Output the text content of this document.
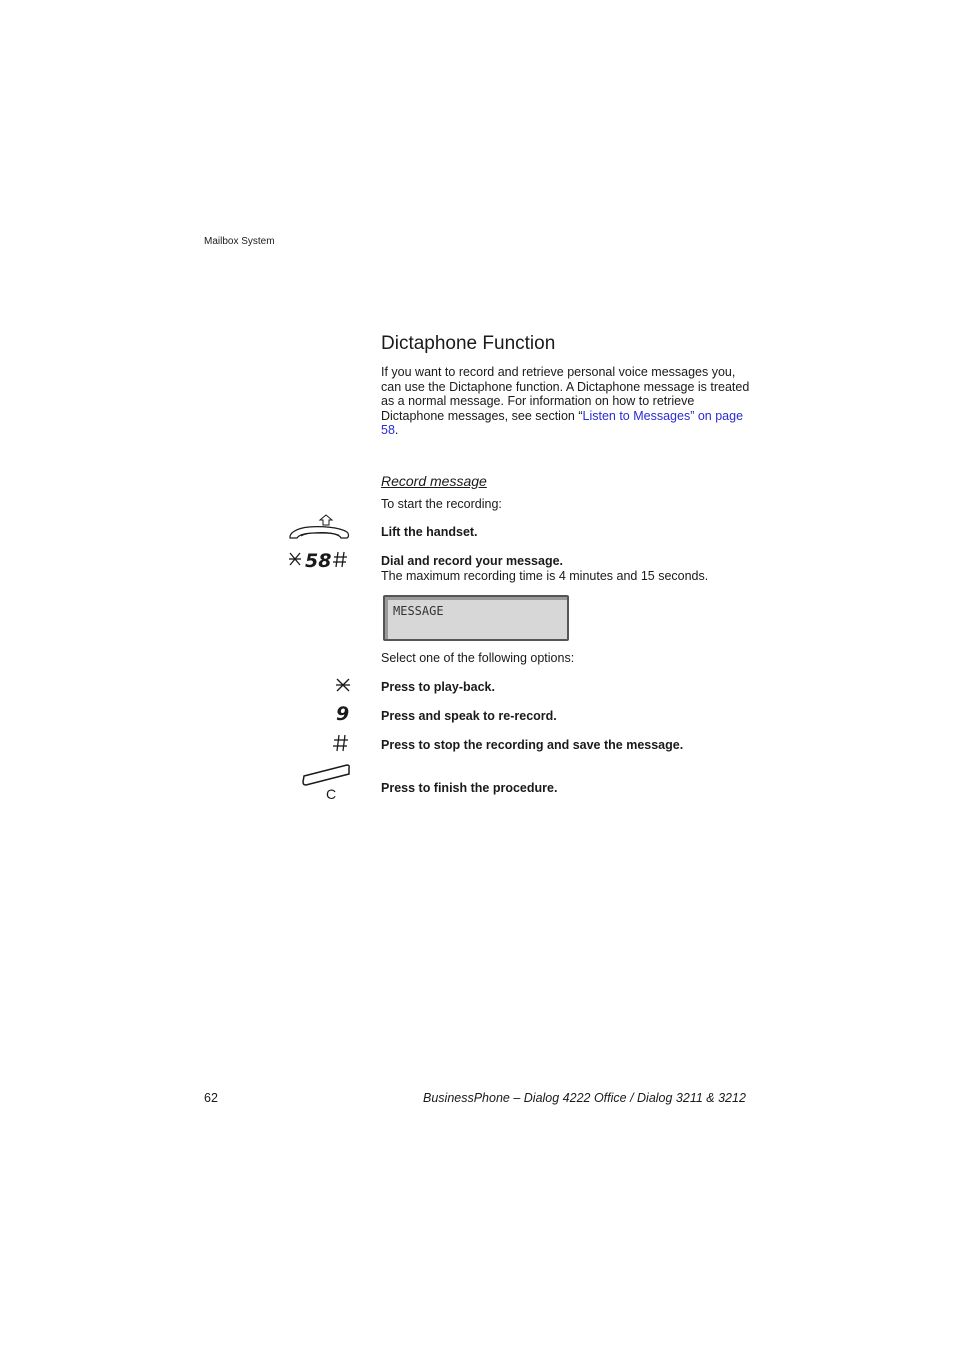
Mailbox System
Dictaphone Function
If you want to record and retrieve personal voice messages you, can use the Dictaphone function. A Dictaphone message is treated as a normal message. For information on how to retrieve Dictaphone messages, see section “Listen to Messages” on page 58.
Record message
To start the recording:
Lift the handset.
58	Dial and record your message.
The maximum recording time is 4 minutes and 15 seconds.
MESSAGE
Select one of the following options:
Press to play-back.
9	Press and speak to re-record.
Press to stop the recording and save the message.
C	Press to finish the procedure.
62	BusinessPhone – Dialog 4222 Office / Dialog 3211 & 3212
